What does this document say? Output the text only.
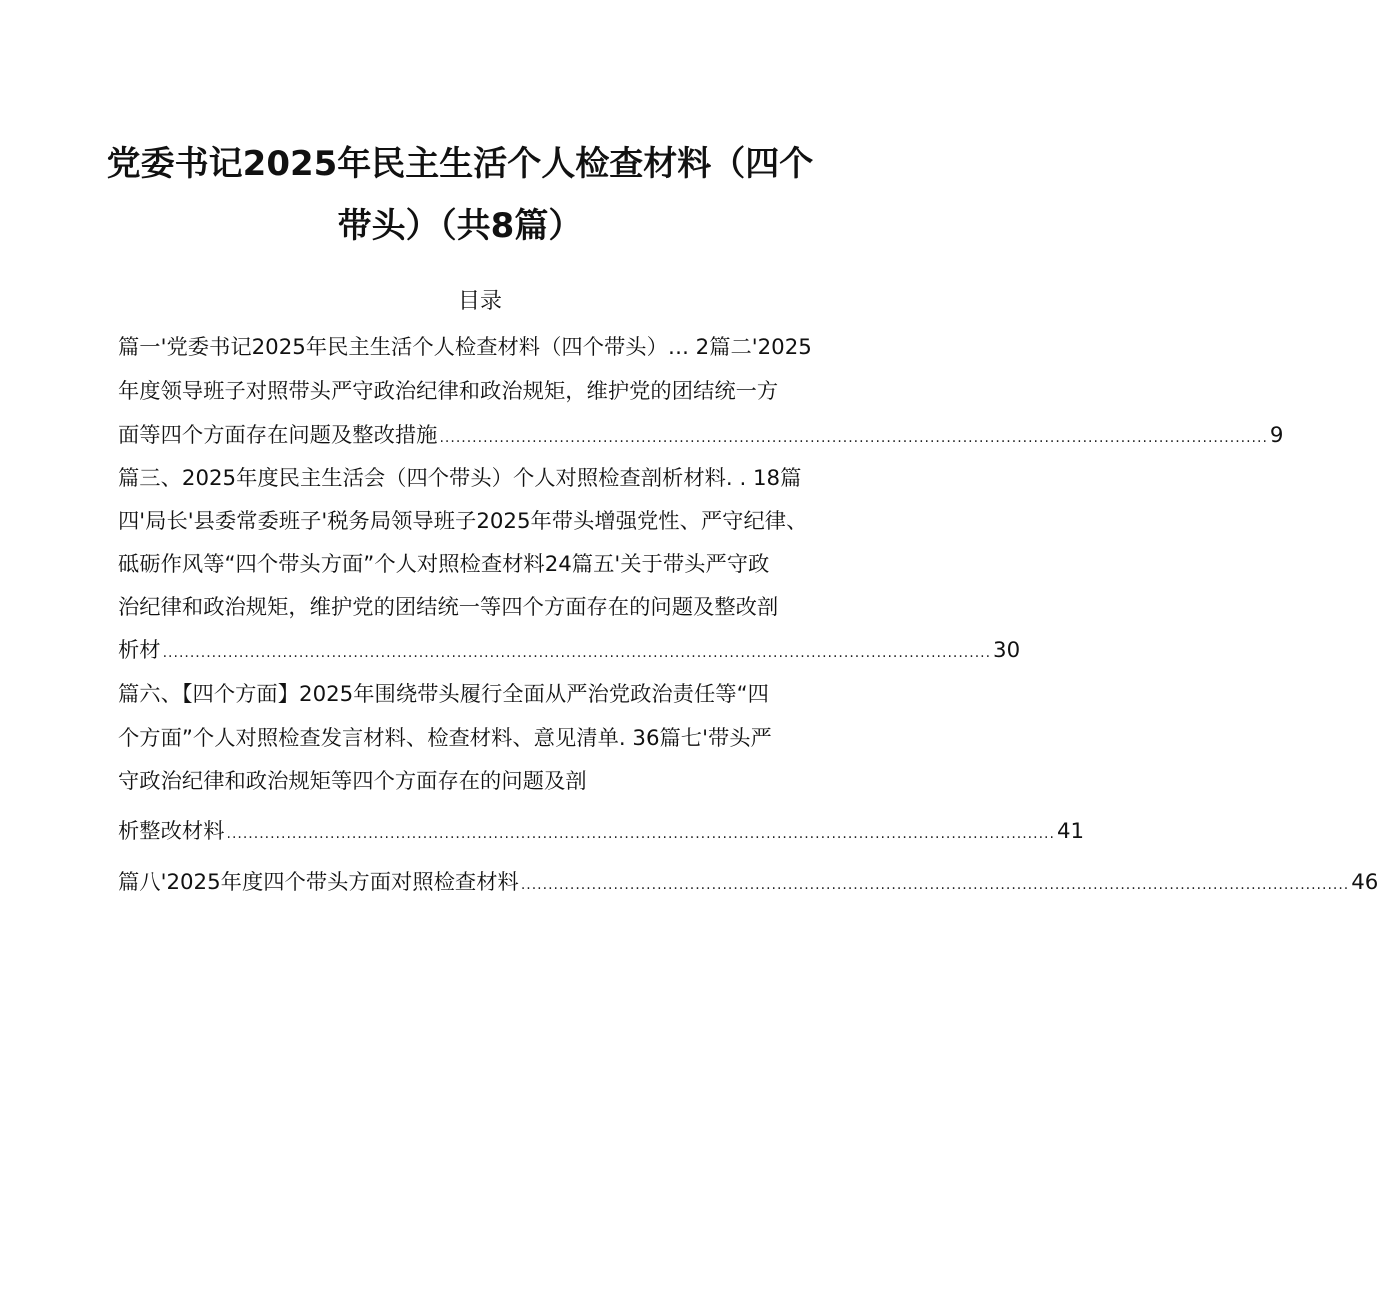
党委书记2025年民主生活个人检查材料（四个
带头）（共8篇）
目录
篇一'党委书记2025年民主生活个人检查材料（四个带头）‥. 2篇二'2025
年度领导班子对照带头严守政治纪律和政治规矩，维护党的团结统一方
面等四个方面存在问题及整改措施 ........................................................................................................................................................ 9
篇三、2025年度民主生活会（四个带头）个人对照检查剖析材料. . 18篇
四'局长'县委常委班子'税务局领导班子2025年带头增强党性、严守纪律、
砥砺作风等“四个带头方面”个人对照检查材料24篇五'关于带头严守政
治纪律和政治规矩，维护党的团结统一等四个方面存在的问题及整改剖
析材 ........................................................................................................................................................ 30
篇六、【四个方面】2025年围绕带头履行全面从严治党政治责任等“四
个方面”个人对照检查发言材料、检查材料、意见清单. 36篇七'带头严
守政治纪律和政治规矩等四个方面存在的问题及剖
析整改材料 ........................................................................................................................................................ 41
篇八'2025年度四个带头方面对照检查材料 ........................................................................................................................................................ 46
